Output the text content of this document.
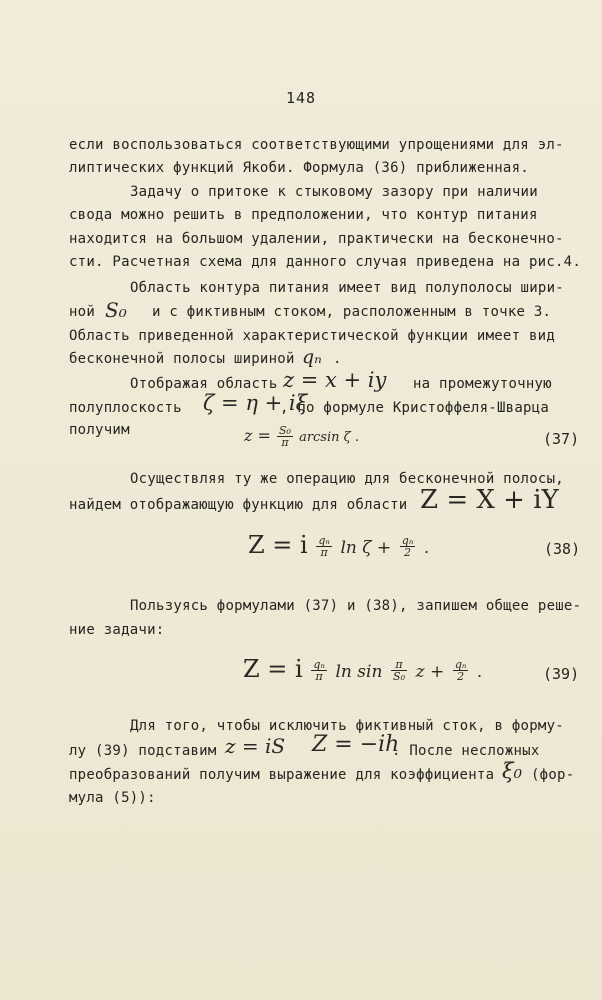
148
если воспользоваться соответствующими упрощениями для эл-
липтических функций Якоби. Формула (36) приближенная.
Задачу о притоке к стыковому зазору при наличии
свода можно решить в предположении, что контур питания
находится на большом удалении, практически на бесконечно-
сти. Расчетная схема для данного случая приведена на рис.4.
Область контура питания имеет вид полуполосы шири-
ной S₀ и с фиктивным стоком, расположенным в точке 3.
Область приведенной характеристической функции имеет вид
бесконечной полосы шириной qₙ .
Отображая область z = x + iy на промежуточную
полуплоскость ζ = η + iξ
, по формуле Кристоффеля-Шварца
получим	$z = \frac{\text{S₀}}{\pi}$ arcsin ζ .	(37)
Осуществляя ту же операцию для бесконечной полосы,
найдем отображающую функцию для области Z = X + iY
Z = i $\frac{\text{qₙ}}{\pi}$ $\ln \zeta + \frac{\text{qₙ}}{2}$ .	(38)
Пользуясь формулами (37) и (38), запишем общее реше-
ние задачи:
Z = i $\frac{\text{qₙ}}{\pi}$ $\ln \sin \frac{\pi}{\text{S₀}}$ $z + \frac{\text{qₙ}}{2}$ .	(39)
Для того, чтобы исключить фиктивный сток, в форму-
лу (39) подставим z = iS Z = −ih
. После несложных
преобразований получим выражение для коэффициента ξ₀ (фор-
мула (5)):
